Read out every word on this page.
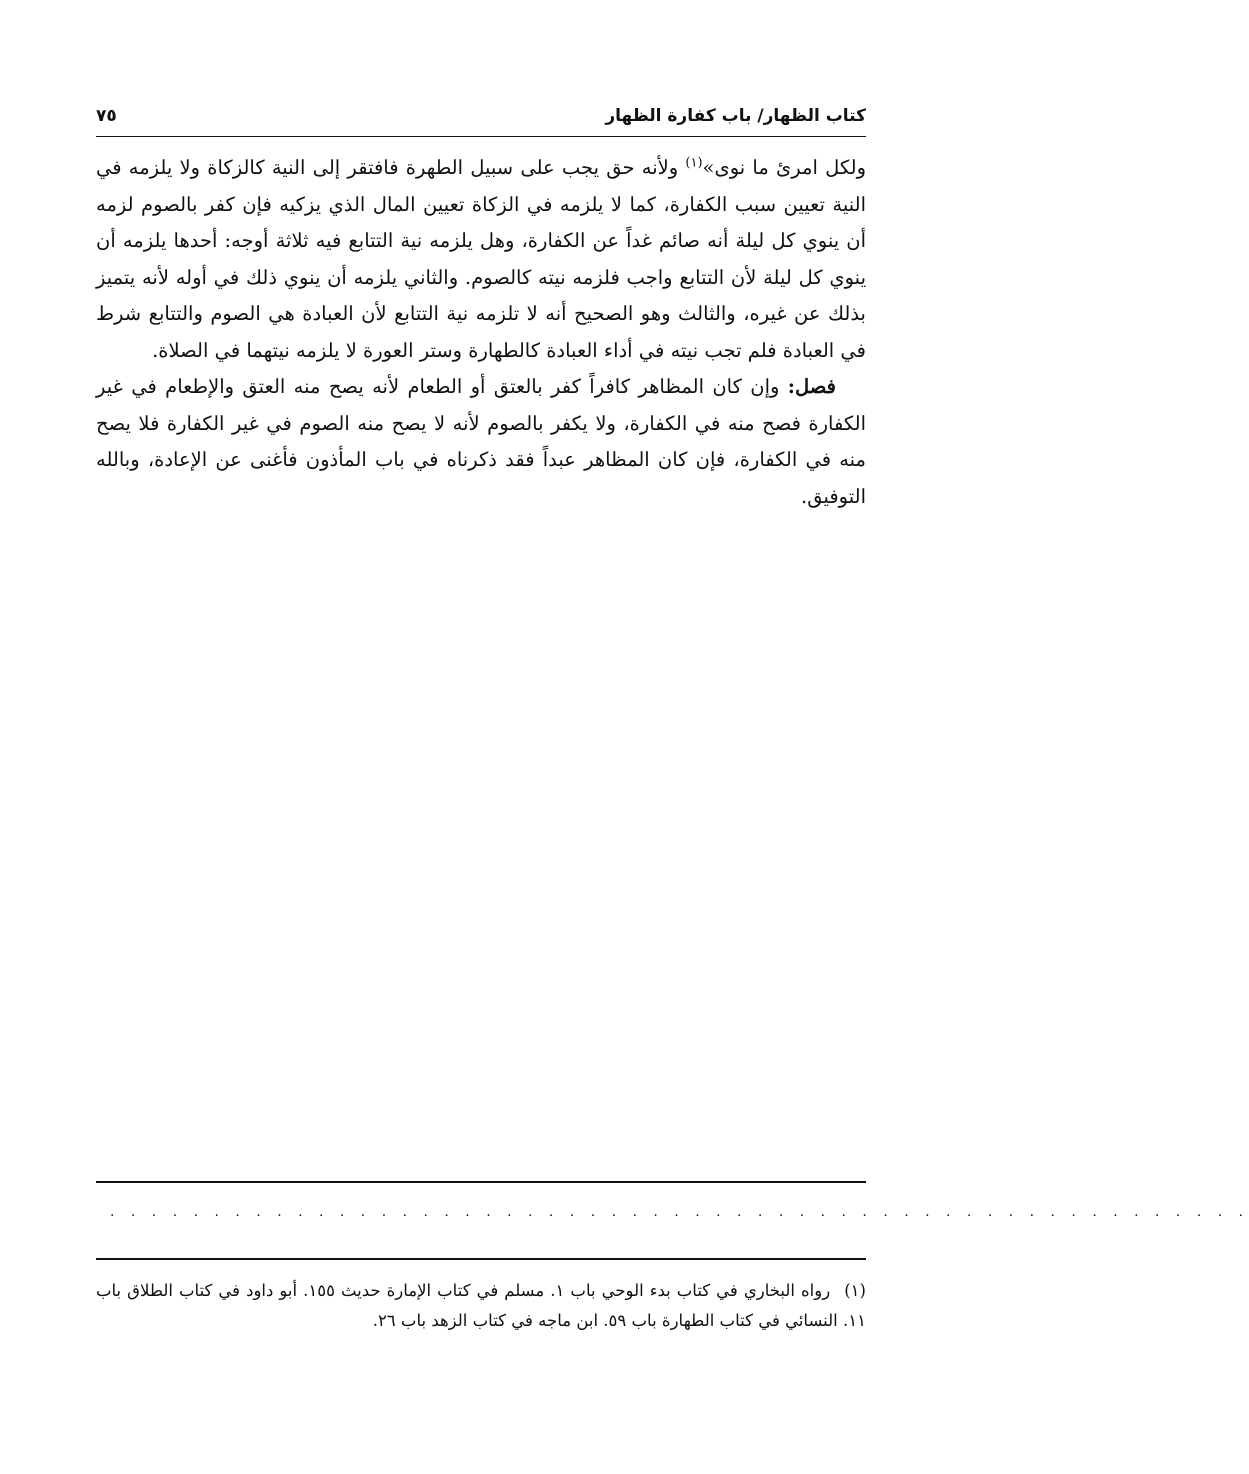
كتاب الظهار/ باب كفارة الظهار
٧٥

ولكل امرئ ما نوى»$^{(١)}$ ولأنه حق يجب على سبيل الطهرة فافتقر إلى النية كالزكاة ولا يلزمه في النية تعيين سبب الكفارة، كما لا يلزمه في الزكاة تعيين المال الذي يزكيه فإن كفر بالصوم لزمه أن ينوي كل ليلة أنه صائم غداً عن الكفارة، وهل يلزمه نية التتابع فيه ثلاثة أوجه: أحدها يلزمه أن ينوي كل ليلة لأن التتابع واجب فلزمه نيته كالصوم. والثاني يلزمه أن ينوي ذلك في أوله لأنه يتميز بذلك عن غيره، والثالث وهو الصحيح أنه لا تلزمه نية التتابع لأن العبادة هي الصوم والتتابع شرط في العبادة فلم تجب نيته في أداء العبادة كالطهارة وستر العورة لا يلزمه نيتهما في الصلاة.

فصل: وإن كان المظاهر كافراً كفر بالعتق أو الطعام لأنه يصح منه العتق والإطعام في غير الكفارة فصح منه في الكفارة، ولا يكفر بالصوم لأنه لا يصح منه الصوم في غير الكفارة فلا يصح منه في الكفارة، فإن كان المظاهر عبداً فقد ذكرناه في باب المأذون فأغنى عن الإعادة، وبالله التوفيق.

. . . . . . . . . . . . . . . . . . . . . . . . . . . . . . . . . . . . . . . . . . . . . . . . . . . . . . .
(١) رواه البخاري في كتاب بدء الوحي باب ١. مسلم في كتاب الإمارة حديث ١٥٥. أبو داود في كتاب الطلاق باب ١١. النسائي في كتاب الطهارة باب ٥٩. ابن ماجه في كتاب الزهد باب ٢٦.
